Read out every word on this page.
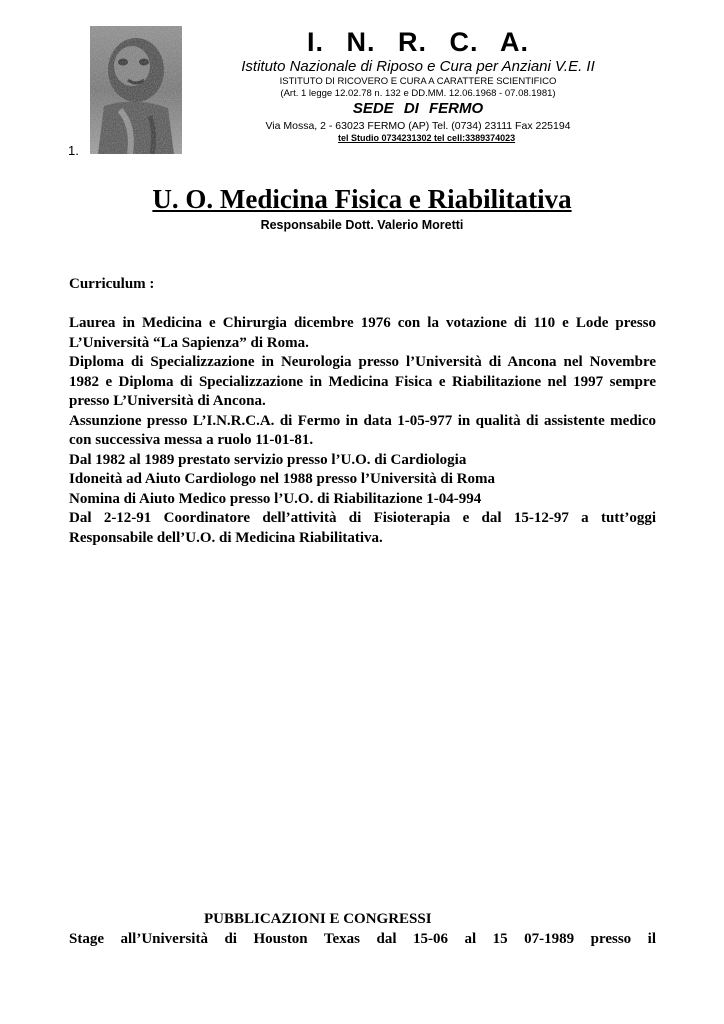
1.
I. N. R. C. A.
Istituto Nazionale di Riposo e Cura per Anziani V.E. II
ISTITUTO DI RICOVERO E CURA A CARATTERE SCIENTIFICO
(Art. 1 legge 12.02.78 n. 132 e DD.MM. 12.06.1968 - 07.08.1981)
SEDE DI FERMO
Via Mossa, 2 - 63023 FERMO (AP) Tel. (0734) 23111 Fax 225194
tel Studio 0734231302 tel cell:3389374023
U. O. Medicina Fisica e Riabilitativa
Responsabile Dott. Valerio Moretti
Curriculum :

Laurea in Medicina e Chirurgia dicembre 1976 con la votazione di 110 e Lode presso L’Università “La Sapienza” di Roma.

Diploma di Specializzazione in Neurologia presso l’Università di Ancona nel Novembre 1982 e Diploma di Specializzazione in Medicina Fisica e Riabilitazione nel 1997 sempre presso L’Università di Ancona.

Assunzione presso L’I.N.R.C.A. di Fermo in data 1-05-977 in qualità di assistente medico con successiva messa a ruolo 11-01-81.

Dal 1982 al 1989 prestato servizio presso l’U.O. di Cardiologia

Idoneità ad Aiuto Cardiologo nel 1988 presso l’Università di Roma

Nomina di Aiuto Medico presso l’U.O. di Riabilitazione 1-04-994

Dal 2-12-91 Coordinatore dell’attività di Fisioterapia e dal 15-12-97 a tutt’oggi Responsabile dell’U.O. di Medicina Riabilitativa.

PUBBLICAZIONI E CONGRESSI
Stage all’Università di Houston Texas dal 15-06 al 15 07-1989 presso il
